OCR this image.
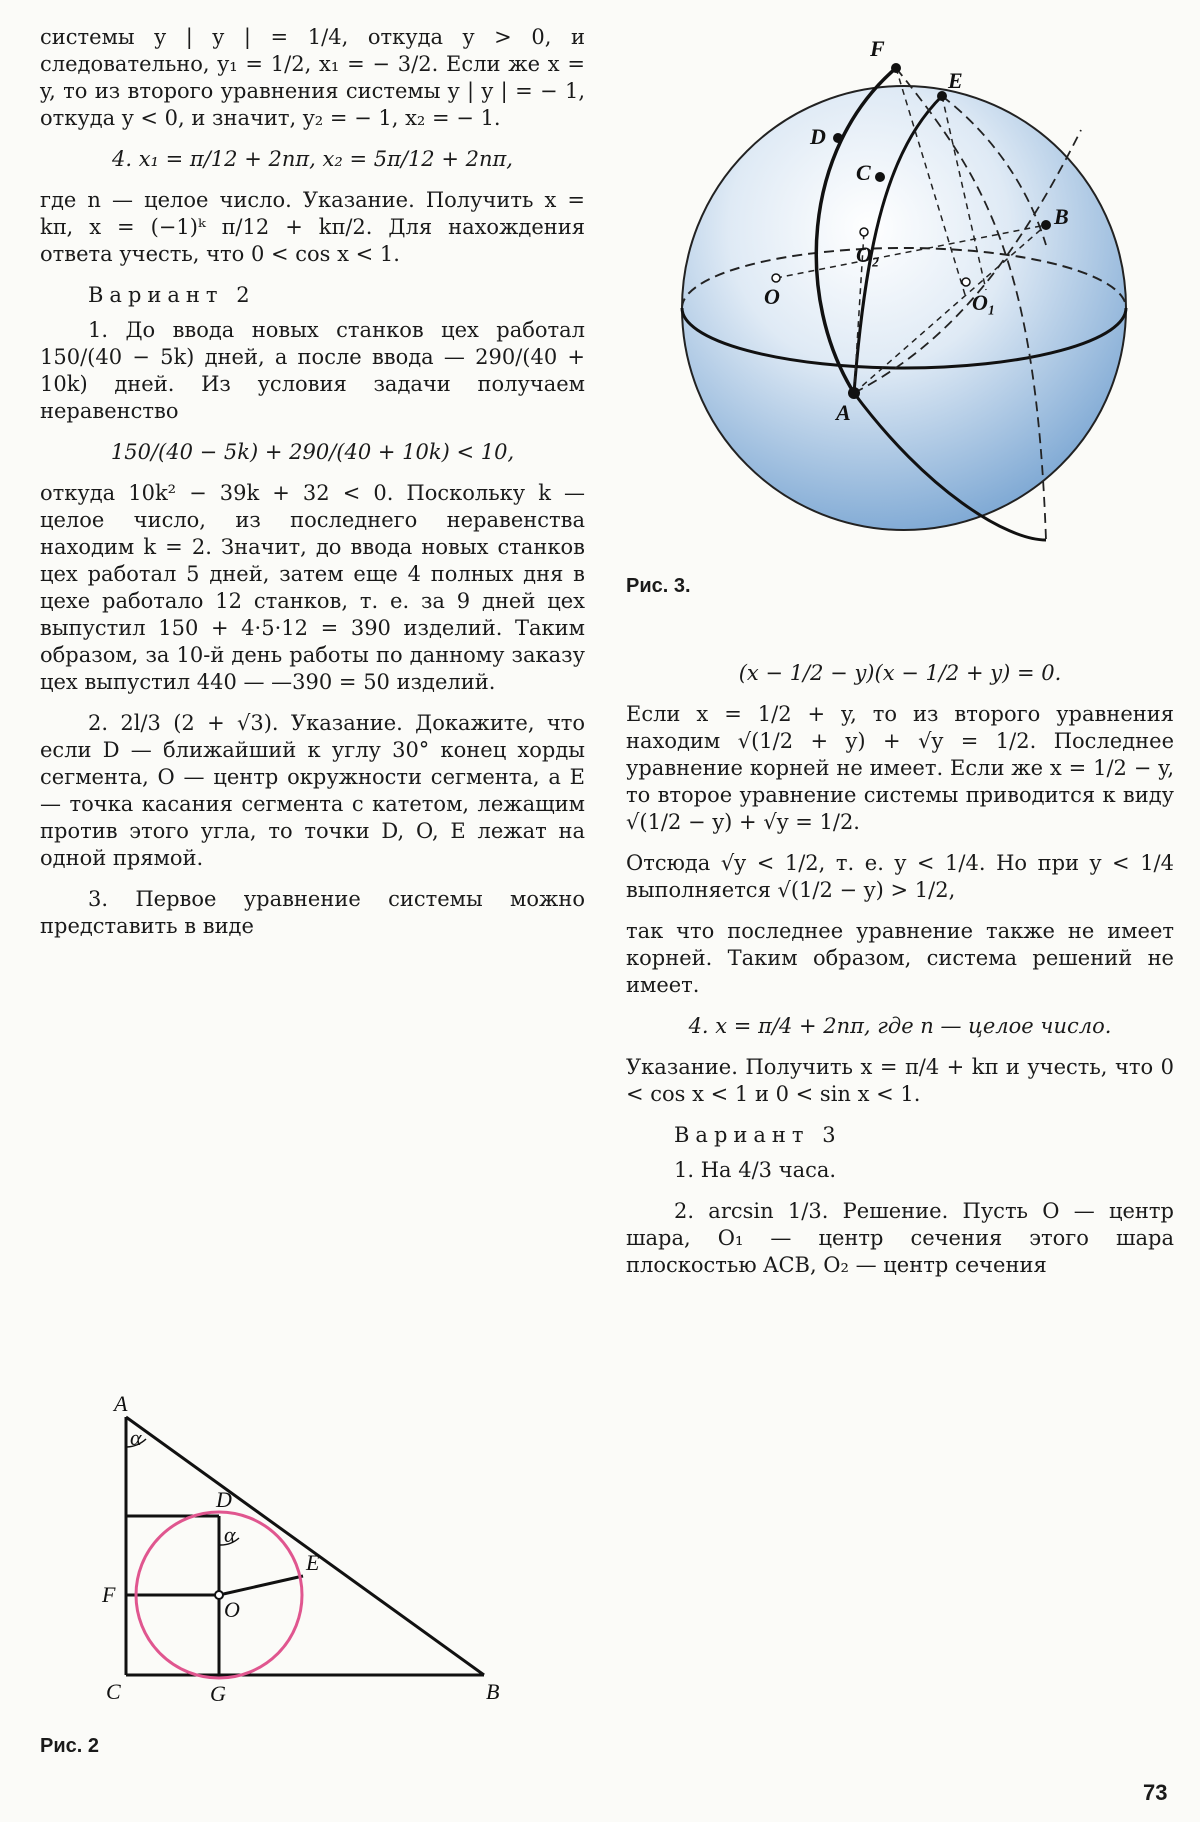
системы y | y | = 1/4, откуда y > 0, и следовательно, y₁ = 1/2, x₁ = − 3/2. Если же x = y, то из второго уравнения системы y | y | = − 1, откуда y < 0, и значит, y₂ = − 1, x₂ = − 1.

4. x₁ = π/12 + 2nπ, x₂ = 5π/12 + 2nπ,

где n — целое число. Указание. Получить x = kπ, x = (−1)ᵏ π/12 + kπ/2. Для нахождения ответа учесть, что 0 < cos x < 1.

Вариант 2

1. До ввода новых станков цех работал 150/(40 − 5k) дней, а после ввода — 290/(40 + 10k) дней. Из условия задачи получаем неравенство

150/(40 − 5k) + 290/(40 + 10k) < 10,

откуда 10k² − 39k + 32 < 0. Поскольку k — целое число, из последнего неравенства находим k = 2. Значит, до ввода новых станков цех работал 5 дней, затем еще 4 полных дня в цехе работало 12 станков, т. е. за 9 дней цех выпустил 150 + 4·5·12 = 390 изделий. Таким образом, за 10-й день работы по данному заказу цех выпустил 440 — —390 = 50 изделий.

2. 2l/3 (2 + √3). Указание. Докажите, что если D — ближайший к углу 30° конец хорды сегмента, O — центр окружности сегмента, а E — точка касания сегмента с катетом, лежащим против этого угла, то точки D, O, E лежат на одной прямой.

3. Первое уравнение системы можно представить в виде

A
B
C
D
E
F
G
O
α
α
Рис. 2
F
E
D
C
B
O₂
O	O₁
A
Рис. 3.

(x − 1/2 − y)(x − 1/2 + y) = 0.

Если x = 1/2 + y, то из второго уравнения находим √(1/2 + y) + √y = 1/2. Последнее уравнение корней не имеет. Если же x = 1/2 − y, то второе уравнение системы приводится к виду √(1/2 − y) + √y = 1/2.

Отсюда √y < 1/2, т. е. y < 1/4. Но при y < 1/4 выполняется √(1/2 − y) > 1/2,

так что последнее уравнение также не имеет корней. Таким образом, система решений не имеет.

4. x = π/4 + 2nπ, где n — целое число.

Указание. Получить x = π/4 + kπ и учесть, что 0 < cos x < 1 и 0 < sin x < 1.

Вариант 3

1. На 4/3 часа.

2. arcsin 1/3. Решение. Пусть O — центр шара, O₁ — центр сечения этого шара плоскостью ACB, O₂ — центр сечения

73
